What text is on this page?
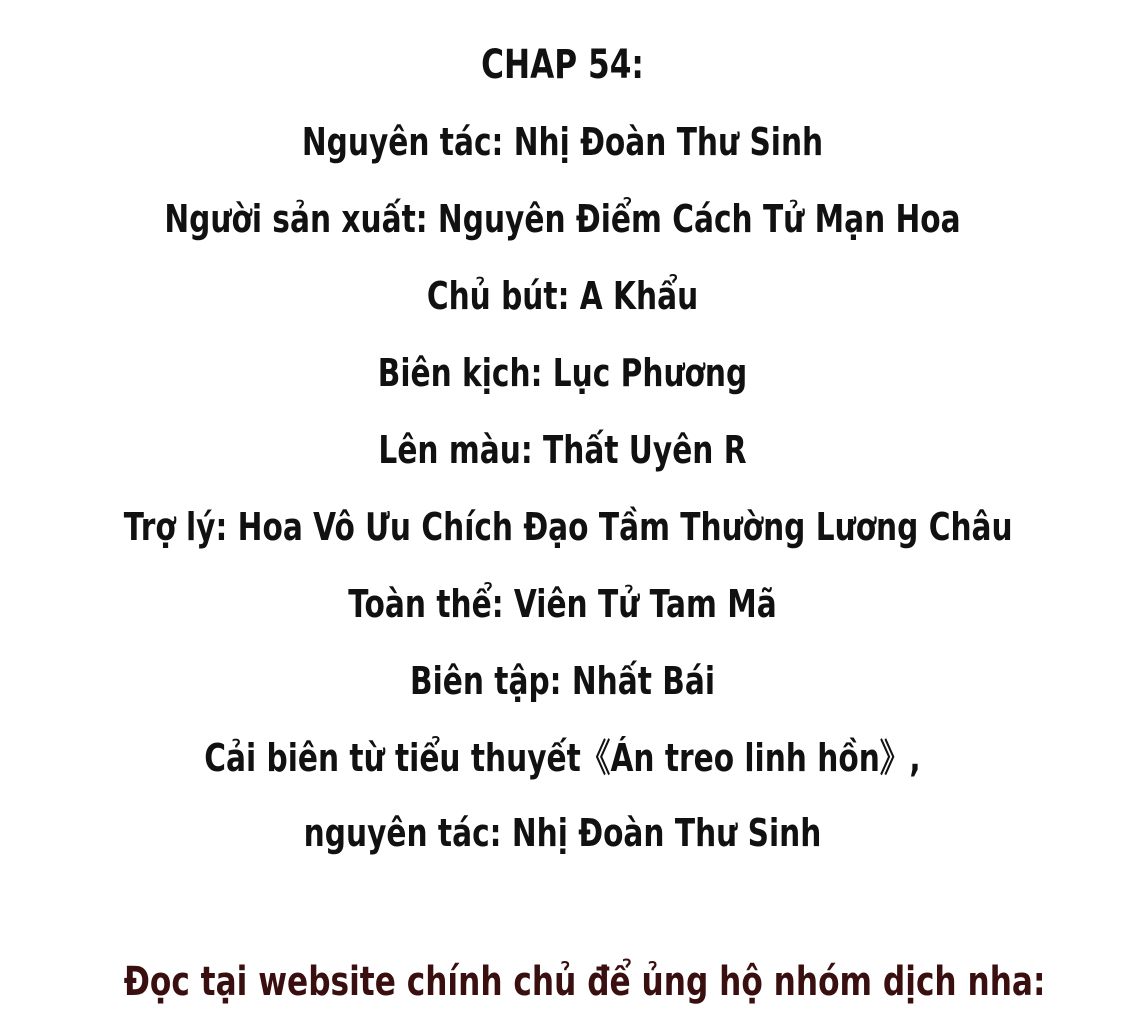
CHAP 54:
Nguyên tác: Nhị Đoàn Thư Sinh
Người sản xuất: Nguyên Điểm Cách Tử Mạn Hoa
Chủ bút: A Khẩu
Biên kịch: Lục Phương
Lên màu: Thất Uyên R
Trợ lý: Hoa Vô Ưu Chích Đạo Tầm Thường Lương Châu
Toàn thể: Viên Tử Tam Mã
Biên tập: Nhất Bái
Cải biên từ tiểu thuyết《Án treo linh hồn》,
nguyên tác: Nhị Đoàn Thư Sinh
Đọc tại website chính chủ để ủng hộ nhóm dịch nha:
